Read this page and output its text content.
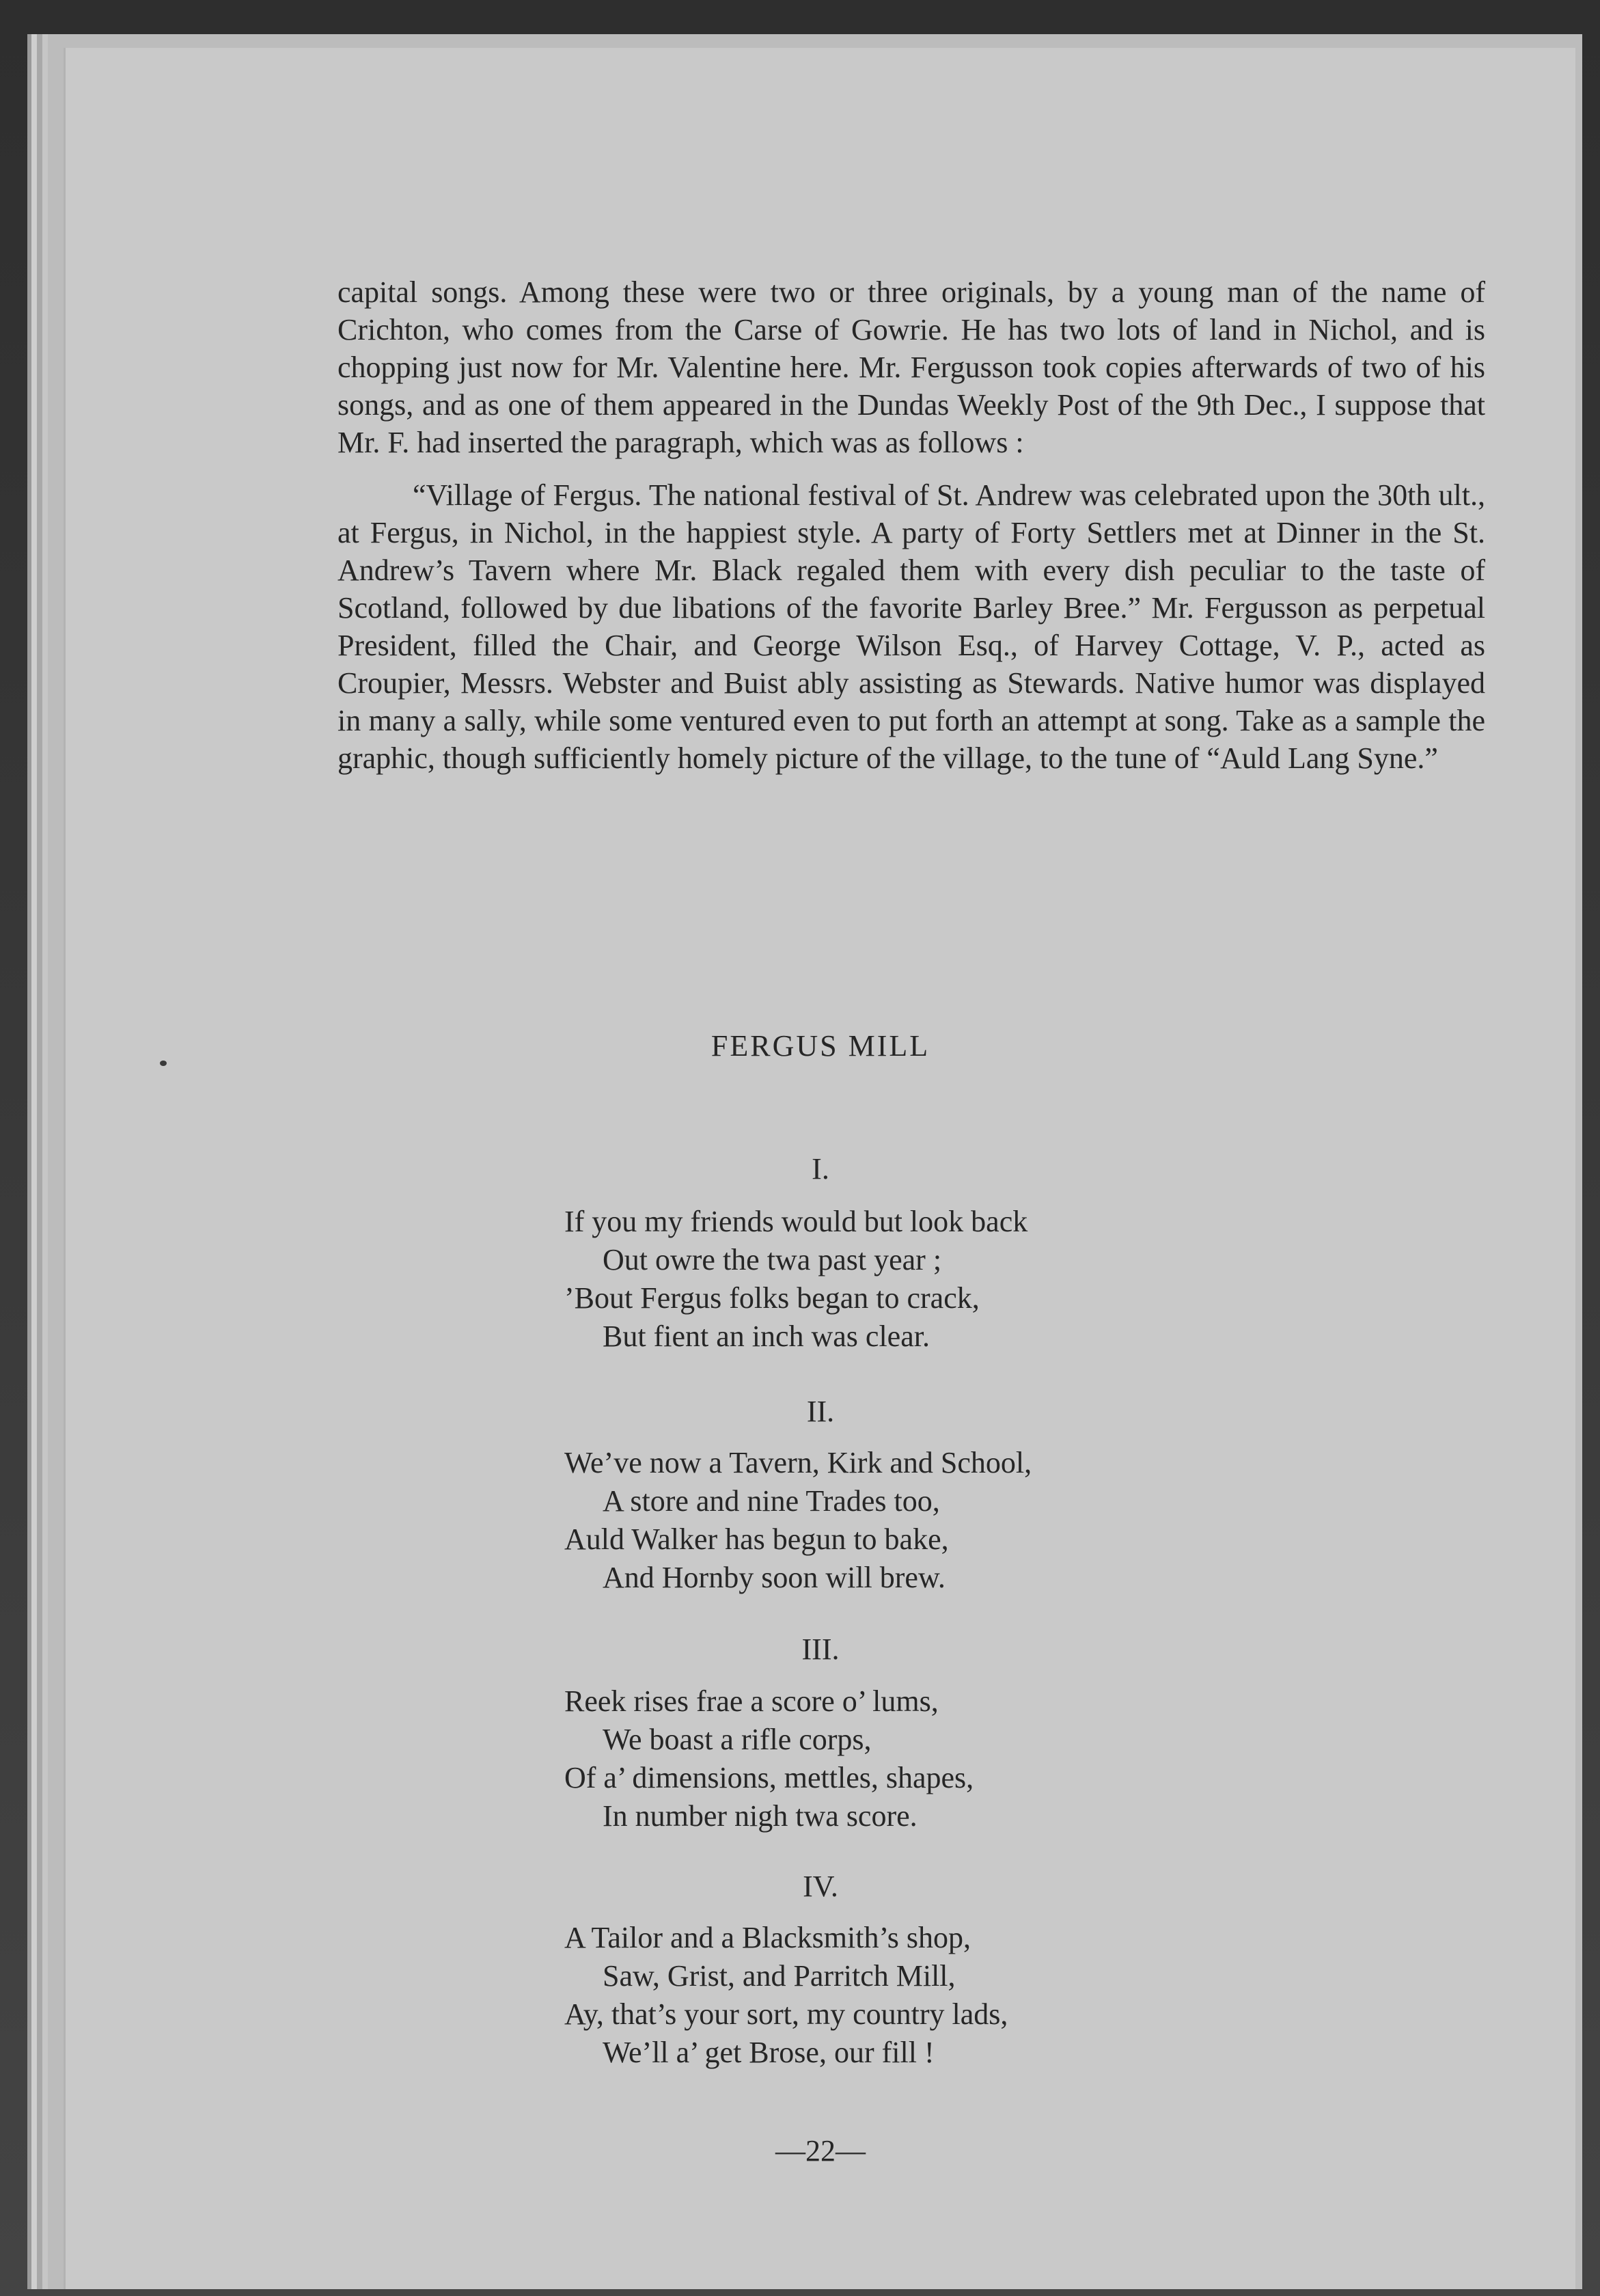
capital songs. Among these were two or three originals, by a young man of the name of Crichton, who comes from the Carse of Gowrie. He has two lots of land in Nichol, and is chopping just now for Mr. Valentine here. Mr. Fergusson took copies afterwards of two of his songs, and as one of them appeared in the Dundas Weekly Post of the 9th Dec., I suppose that Mr. F. had inserted the paragraph, which was as follows :

“Village of Fergus. The national festival of St. Andrew was celebrated upon the 30th ult., at Fergus, in Nichol, in the happiest style. A party of Forty Settlers met at Dinner in the St. Andrew’s Tavern where Mr. Black regaled them with every dish peculiar to the taste of Scotland, followed by due libations of the favorite Barley Bree.” Mr. Fergusson as perpetual President, filled the Chair, and George Wilson Esq., of Harvey Cottage, V. P., acted as Croupier, Messrs. Webster and Buist ably assisting as Stewards. Native humor was displayed in many a sally, while some ventured even to put forth an attempt at song. Take as a sample the graphic, though sufficiently homely picture of the village, to the tune of “Auld Lang Syne.”

FERGUS MILL
I.
If you my friends would but look back
Out owre the twa past year ;
’Bout Fergus folks began to crack,
But fient an inch was clear.
II.
We’ve now a Tavern, Kirk and School,
A store and nine Trades too,
Auld Walker has begun to bake,
And Hornby soon will brew.
III.
Reek rises frae a score o’ lums,
We boast a rifle corps,
Of a’ dimensions, mettles, shapes,
In number nigh twa score.
IV.
A Tailor and a Blacksmith’s shop,
Saw, Grist, and Parritch Mill,
Ay, that’s your sort, my country lads,
We’ll a’ get Brose, our fill !
—22—
